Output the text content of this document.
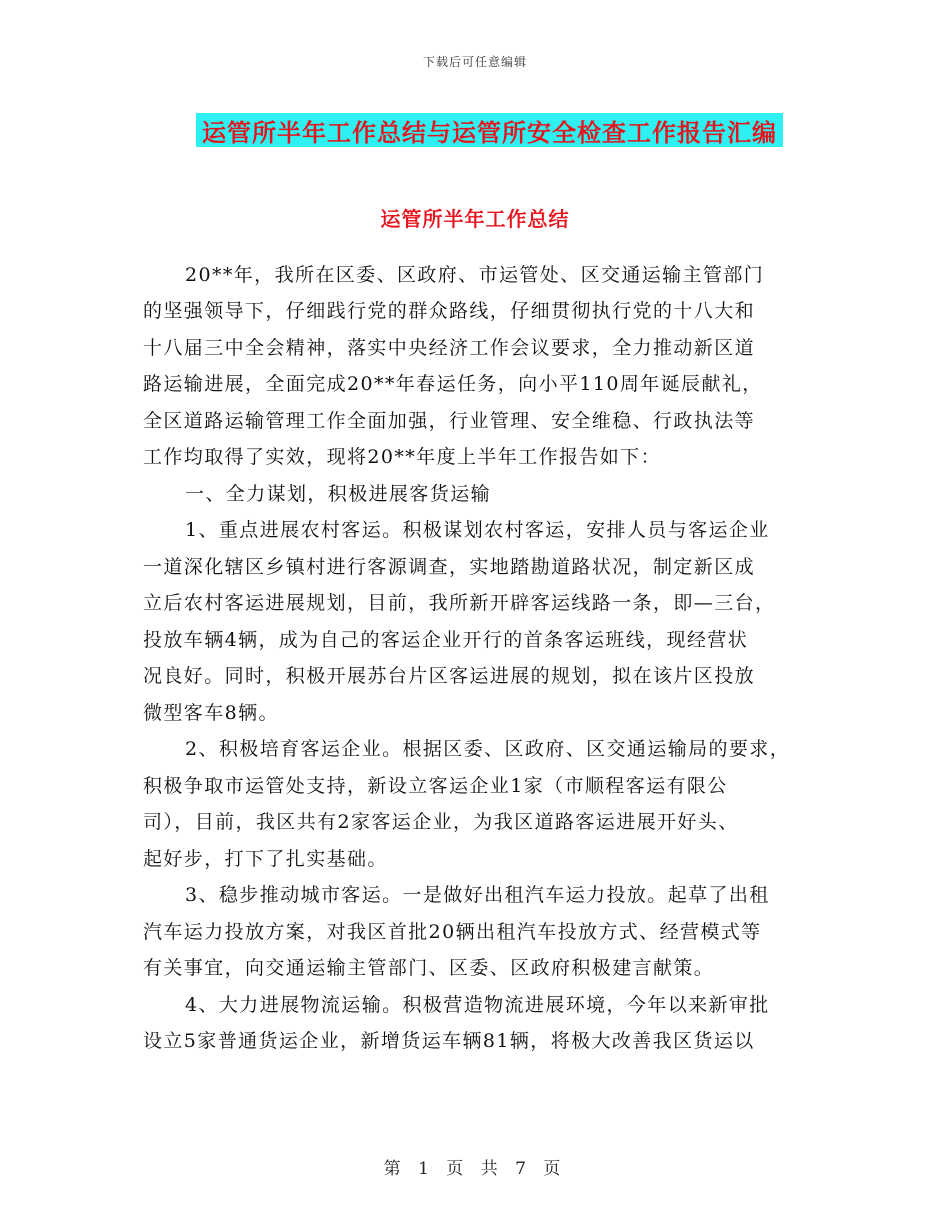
下载后可任意编辑
运管所半年工作总结与运管所安全检查工作报告汇编
运管所半年工作总结
20**年，我所在区委、区政府、市运管处、区交通运输主管部门
的坚强领导下，仔细践行党的群众路线，仔细贯彻执行党的十八大和
十八届三中全会精神，落实中央经济工作会议要求，全力推动新区道
路运输进展，全面完成20**年春运任务，向小平110周年诞辰献礼，
全区道路运输管理工作全面加强，行业管理、安全维稳、行政执法等
工作均取得了实效，现将20**年度上半年工作报告如下：
一、全力谋划，积极进展客货运输
1、重点进展农村客运。积极谋划农村客运，安排人员与客运企业
一道深化辖区乡镇村进行客源调查，实地踏勘道路状况，制定新区成
立后农村客运进展规划，目前，我所新开辟客运线路一条，即—三台，
投放车辆4辆，成为自己的客运企业开行的首条客运班线，现经营状
况良好。同时，积极开展苏台片区客运进展的规划，拟在该片区投放
微型客车8辆。
2、积极培育客运企业。根据区委、区政府、区交通运输局的要求，
积极争取市运管处支持，新设立客运企业1家（市顺程客运有限公
司），目前，我区共有2家客运企业，为我区道路客运进展开好头、
起好步，打下了扎实基础。
3、稳步推动城市客运。一是做好出租汽车运力投放。起草了出租
汽车运力投放方案，对我区首批20辆出租汽车投放方式、经营模式等
有关事宜，向交通运输主管部门、区委、区政府积极建言献策。
4、大力进展物流运输。积极营造物流进展环境，今年以来新审批
设立5家普通货运企业，新增货运车辆81辆，将极大改善我区货运以
第 1 页 共 7 页
